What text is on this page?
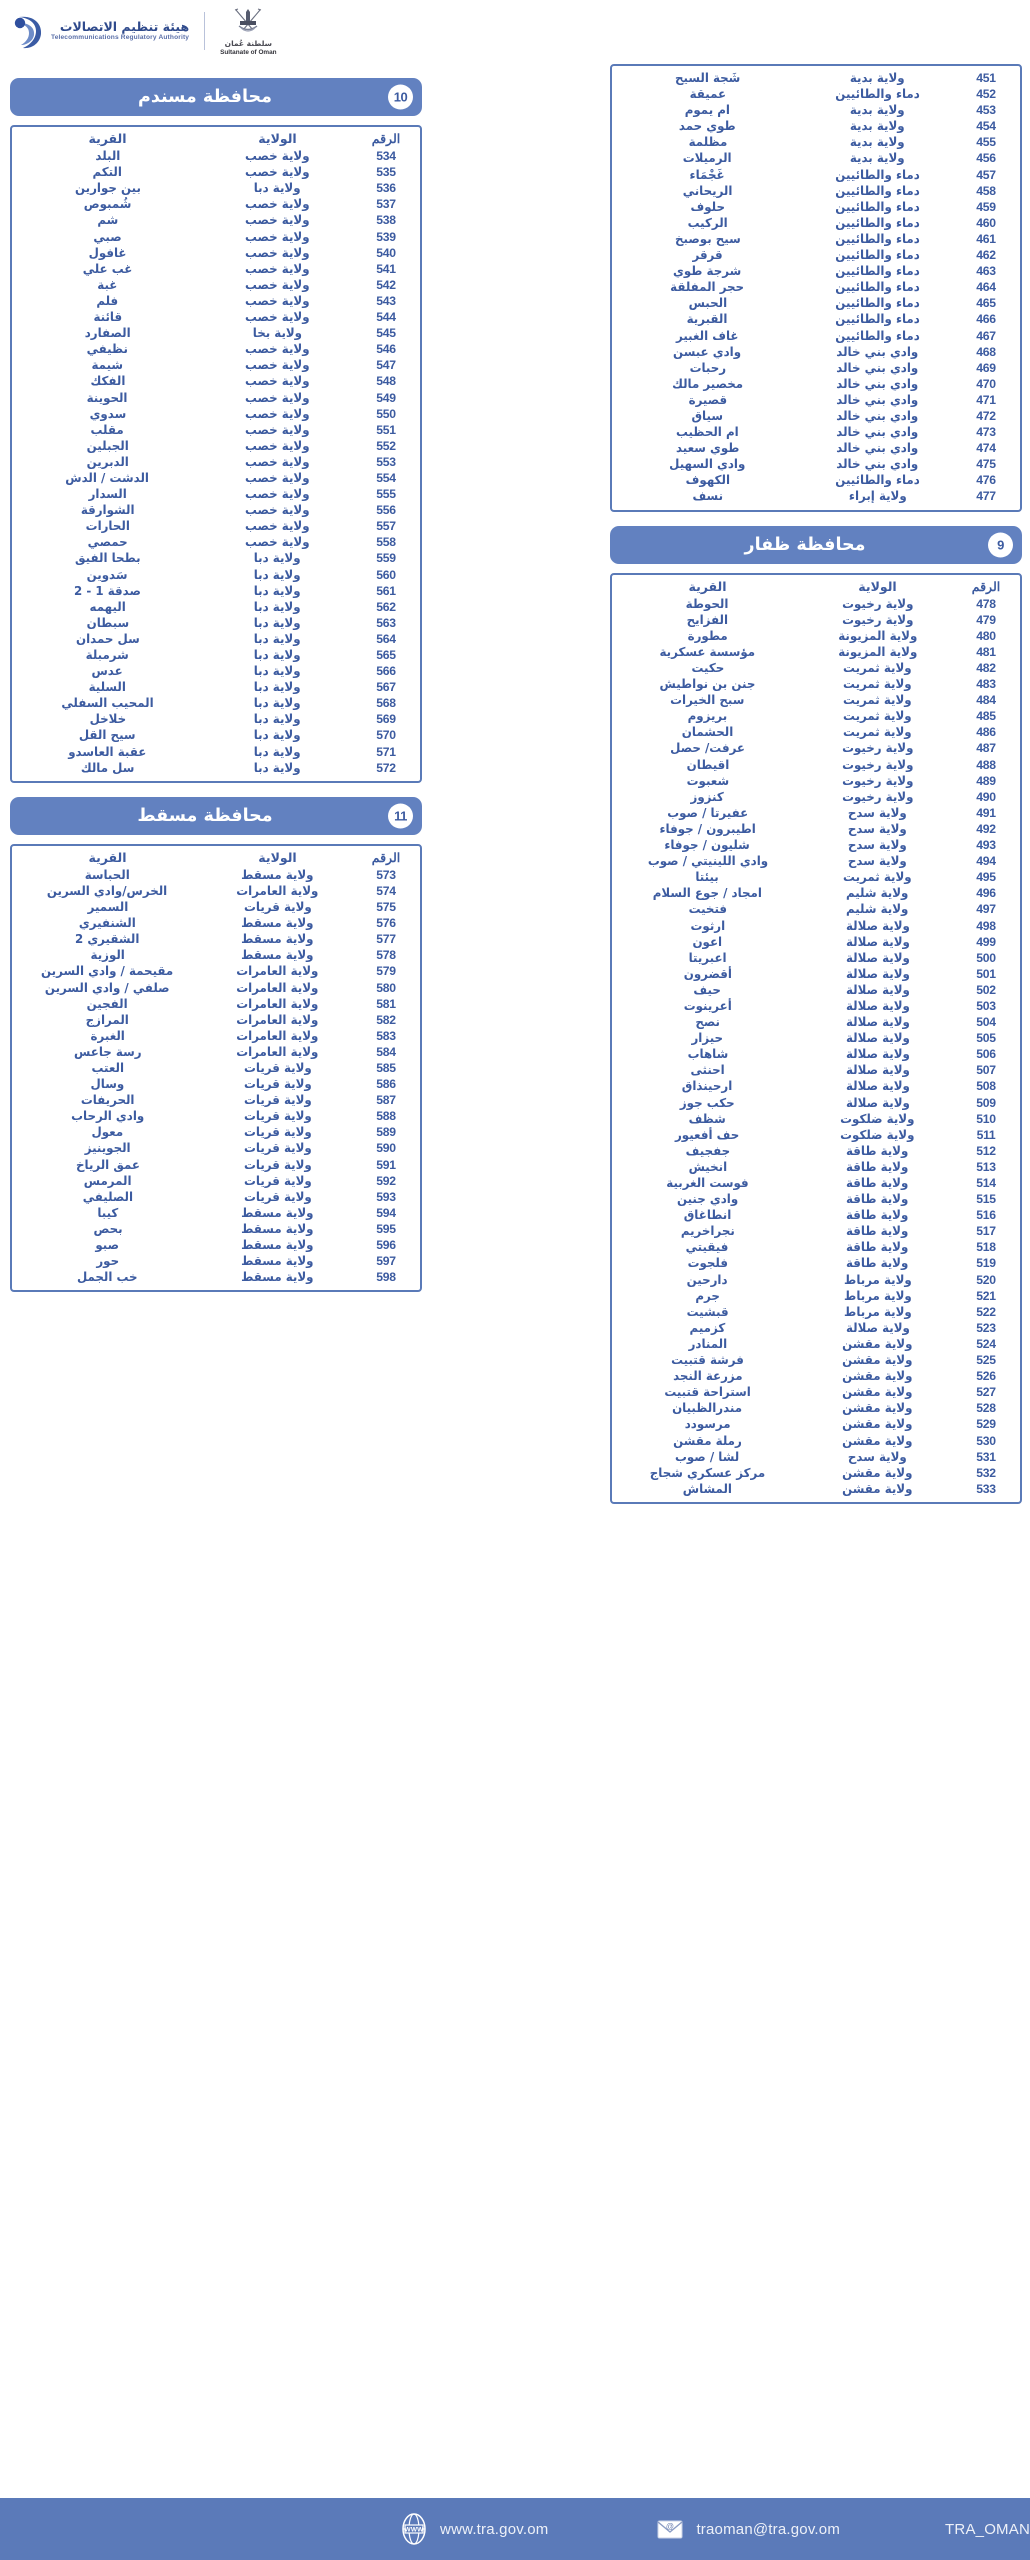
هيئة تنظيم الاتصالات
Telecommunications Regulatory Authority
سلطنة عُمان
Sultanate of Oman
451	ولاية بدية	شَجة السيح
452	دماء والطائيين	عميقة
453	ولاية بدية	ام يموم
454	ولاية بدية	طوي حمد
455	ولاية بدية	مظلمة
456	ولاية بدية	الرميلات
457	دماء والطائيين	غَجْمَاء
458	دماء والطائيين	الريحاني
459	دماء والطائيين	حلوف
460	دماء والطائيين	الركيب
461	دماء والطائيين	سيح بوصبخ
462	دماء والطائيين	قرقر
463	دماء والطائيين	شرجة طوي
464	دماء والطائيين	حجر المفلقة
465	دماء والطائيين	الحبس
466	دماء والطائيين	القبرية
467	دماء والطائيين	غاف الغبير
468	وادي بني خالد	وادي عبسن
469	وادي بني خالد	رحبات
470	وادي بني خالد	مخصير مالك
471	وادي بني خالد	قصيرة
472	وادي بني خالد	سياق
473	وادي بني خالد	ام الحظيب
474	وادي بني خالد	طوي سعيد
475	وادي بني خالد	وادي السهيل
476	دماء والطائيين	الكهوف
477	ولاية إبراء	نسف
9
محافظة ظفار
الرقم	الولاية	القرية
478	ولاية رخيوت	الحوطة
479	ولاية رخيوت	الفزايح
480	ولاية المزيونة	مطورة
481	ولاية المزيونة	مؤسسة عسكرية
482	ولاية ثمريت	حكيت
483	ولاية ثمريت	جنن بن نواطيش
484	ولاية ثمريت	سبح الخيرات
485	ولاية ثمريت	بريزوم
486	ولاية ثمريت	الحشمان
487	ولاية رخيوت	عرفت/ حصل
488	ولاية رخيوت	اقيطان
489	ولاية رخيوت	شعبوت
490	ولاية رخيوت	كنزوز
491	ولاية سدح	عفيرتا / صوب
492	ولاية سدح	اطيبرون / جوفاء
493	ولاية سدح	شليون / جوفاء
494	ولاية سدح	وادي اللينيتي / صوب
495	ولاية ثمريت	بيئتا
496	ولاية شليم	امجاد / جوع السلام
497	ولاية شليم	فتخيت
498	ولاية صلالة	ارثوت
499	ولاية صلالة	اعون
500	ولاية صلالة	اعبريتا
501	ولاية صلالة	أقضرون
502	ولاية صلالة	حيف
503	ولاية صلالة	أعرينوت
504	ولاية صلالة	نصح
505	ولاية صلالة	حيزار
506	ولاية صلالة	شاهاب
507	ولاية صلالة	احنثى
508	ولاية صلالة	ارحينذاق
509	ولاية صلالة	حكب جوز
510	ولاية ضلكوت	شظف
511	ولاية ضلكوت	حف أفعيور
512	ولاية طاقة	جفجيف
513	ولاية طاقة	انخيش
514	ولاية طاقة	فوست الغربية
515	ولاية طاقة	وادي جنين
516	ولاية طاقة	انطاغاق
517	ولاية طاقة	نجراخريم
518	ولاية طاقة	فيقيتي
519	ولاية طاقة	فلجوت
520	ولاية مرباط	دارحين
521	ولاية مرباط	جرم
522	ولاية مرباط	قبشيت
523	ولاية صلالة	كزميم
524	ولاية مقشن	المنادر
525	ولاية مقشن	فرشة قتبيت
526	ولاية مقشن	مزرعة النجد
527	ولاية مقشن	استراحة قتبيت
528	ولاية مقشن	مندرالظبيان
529	ولاية مقشن	مرسودد
530	ولاية مقشن	رملة مقشن
531	ولاية سدح	لشا / صوب
532	ولاية مقشن	مركز عسكري شجاج
533	ولاية مقشن	المشاش
10
محافظة مسندم
الرقم	الولاية	القرية
534	ولاية خصب	البلد
535	ولاية خصب	التكم
536	ولاية دبا	بين جوارين
537	ولاية خصب	شُمبوص
538	ولاية خصب	شم
539	ولاية خصب	صبي
540	ولاية خصب	غافول
541	ولاية خصب	غب علي
542	ولاية خصب	غبة
543	ولاية خصب	فلم
544	ولاية خصب	قائنة
545	ولاية بخا	الصفارد
546	ولاية خصب	نظيفي
547	ولاية خصب	شيمة
548	ولاية خصب	الفكك
549	ولاية خصب	الحوينة
550	ولاية خصب	سدوي
551	ولاية خصب	مقلب
552	ولاية خصب	الجبلين
553	ولاية خصب	الدبرين
554	ولاية خصب	الدشت / الدش
555	ولاية خصب	السدار
556	ولاية خصب	الشوارقة
557	ولاية خصب	الحارات
558	ولاية خصب	حمصي
559	ولاية دبا	بطحا الفيق
560	ولاية دبا	سَدوين
561	ولاية دبا	صدقة 1 - 2
562	ولاية دبا	اليهمه
563	ولاية دبا	سبطان
564	ولاية دبا	سل حمدان
565	ولاية دبا	شرمبلة
566	ولاية دبا	عدس
567	ولاية دبا	السلية
568	ولاية دبا	المحيب السفلي
569	ولاية دبا	خلاخل
570	ولاية دبا	سيح القل
571	ولاية دبا	عقبة العاسدو
572	ولاية دبا	سل مالك
11
محافظة مسقط
الرقم	الولاية	القرية
573	ولاية مسقط	الحباسة
574	ولاية العامرات	الخرس/وادي السرين
575	ولاية قريات	السمير
576	ولاية مسقط	الشنفيري
577	ولاية مسقط	الشقيري 2
578	ولاية مسقط	الوزية
579	ولاية العامرات	مقيحمة / وادي السرين
580	ولاية العامرات	صلفي / وادي السرين
581	ولاية العامرات	الفجين
582	ولاية العامرات	المرازج
583	ولاية العامرات	الغبرة
584	ولاية العامرات	رسة جاعس
585	ولاية قريات	العتب
586	ولاية قريات	وسال
587	ولاية قريات	الحريفات
588	ولاية قريات	وادي الرحاب
589	ولاية قريات	معول
590	ولاية قريات	الجوينيز
591	ولاية قريات	عمق الرياخ
592	ولاية قريات	المرمس
593	ولاية قريات	الصليفي
594	ولاية مسقط	كيبا
595	ولاية مسقط	بحص
596	ولاية مسقط	صبو
597	ولاية مسقط	حور
598	ولاية مسقط	خب الجمل
TRA_OMAN
@ traoman@tra.gov.om
WWW www.tra.gov.om
